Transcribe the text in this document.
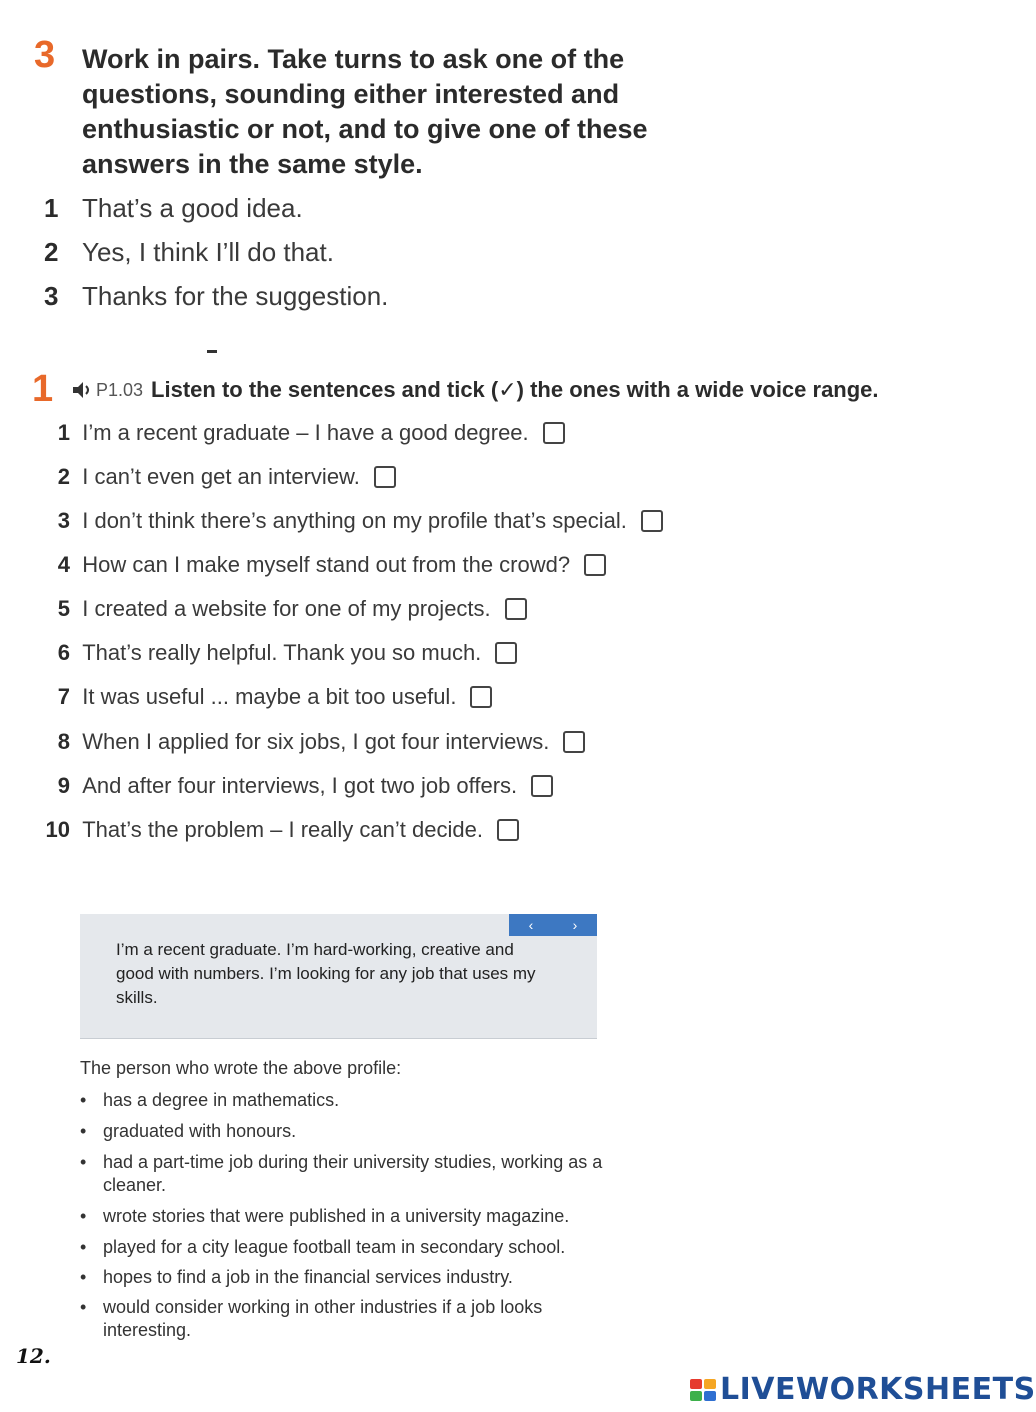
3 Work in pairs. Take turns to ask one of the questions, sounding either interested and enthusiastic or not, and to give one of these answers in the same style.
1 That’s a good idea.
2 Yes, I think I’ll do that.
3 Thanks for the suggestion.
1 P1.03 Listen to the sentences and tick (✓) the ones with a wide voice range.
1 I’m a recent graduate – I have a good degree.
2 I can’t even get an interview.
3 I don’t think there’s anything on my profile that’s special.
4 How can I make myself stand out from the crowd?
5 I created a website for one of my projects.
6 That’s really helpful. Thank you so much.
7 It was useful ... maybe a bit too useful.
8 When I applied for six jobs, I got four interviews.
9 And after four interviews, I got two job offers.
10 That’s the problem – I really can’t decide.
‹	›
I’m a recent graduate. I’m hard-working, creative and good with numbers. I’m looking for any job that uses my skills.
The person who wrote the above profile:
• has a degree in mathematics.
• graduated with honours.
• had a part-time job during their university studies, working as a cleaner.
• wrote stories that were published in a university magazine.
• played for a city league football team in secondary school.
• hopes to find a job in the financial services industry.
• would consider working in other industries if a job looks interesting.
12.
LIVEWORKSHEETS
